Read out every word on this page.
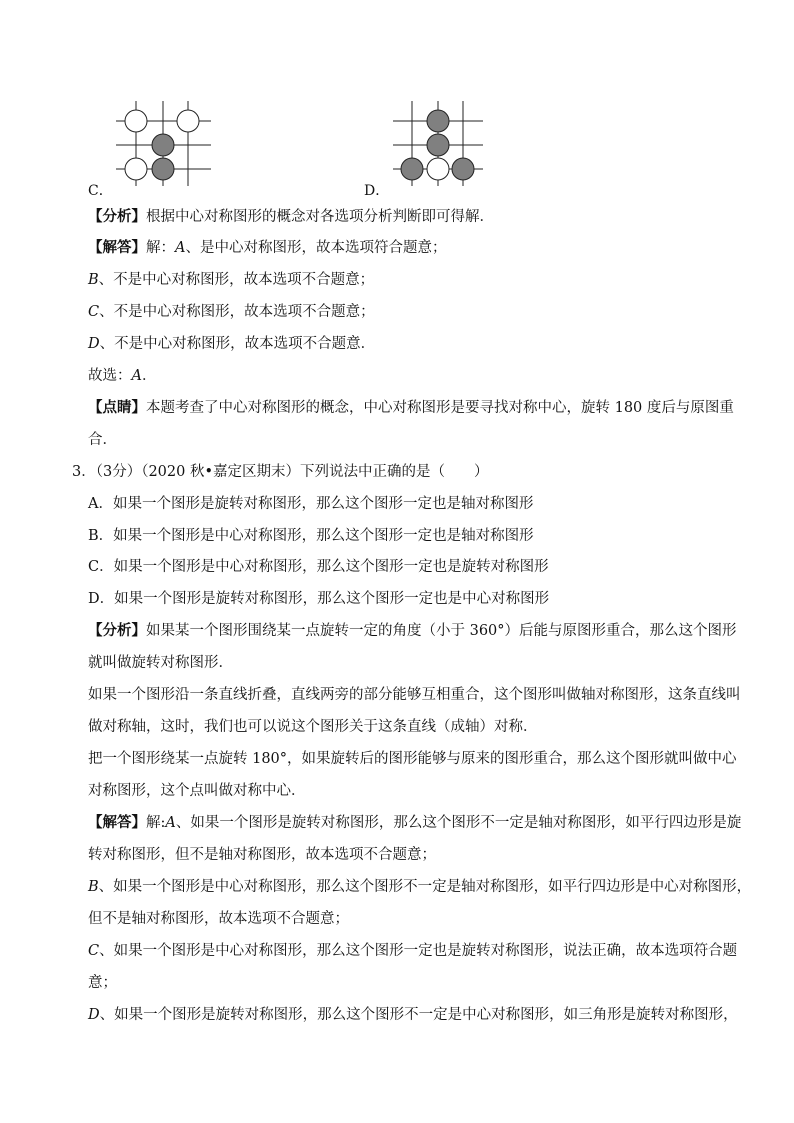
C．	D．
【分析】根据中心对称图形的概念对各选项分析判断即可得解．
【解答】解：A、是中心对称图形，故本选项符合题意；
B、不是中心对称图形，故本选项不合题意；
C、不是中心对称图形，故本选项不合题意；
D、不是中心对称图形，故本选项不合题意．
故选：A．
【点睛】本题考查了中心对称图形的概念，中心对称图形是要寻找对称中心，旋转 180 度后与原图重
合．
3．（3分）（2020 秋•嘉定区期末）下列说法中正确的是（　　）
A．如果一个图形是旋转对称图形，那么这个图形一定也是轴对称图形
B．如果一个图形是中心对称图形，那么这个图形一定也是轴对称图形
C．如果一个图形是中心对称图形，那么这个图形一定也是旋转对称图形
D．如果一个图形是旋转对称图形，那么这个图形一定也是中心对称图形
【分析】如果某一个图形围绕某一点旋转一定的角度（小于 360°）后能与原图形重合，那么这个图形
就叫做旋转对称图形．
如果一个图形沿一条直线折叠，直线两旁的部分能够互相重合，这个图形叫做轴对称图形，这条直线叫
做对称轴，这时，我们也可以说这个图形关于这条直线（成轴）对称．
把一个图形绕某一点旋转 180°，如果旋转后的图形能够与原来的图形重合，那么这个图形就叫做中心
对称图形，这个点叫做对称中心．
【解答】解:A、如果一个图形是旋转对称图形，那么这个图形不一定是轴对称图形，如平行四边形是旋
转对称图形，但不是轴对称图形，故本选项不合题意；
B、如果一个图形是中心对称图形，那么这个图形不一定是轴对称图形，如平行四边形是中心对称图形，
但不是轴对称图形，故本选项不合题意；
C、如果一个图形是中心对称图形，那么这个图形一定也是旋转对称图形，说法正确，故本选项符合题
意；
D、如果一个图形是旋转对称图形，那么这个图形不一定是中心对称图形，如三角形是旋转对称图形，
